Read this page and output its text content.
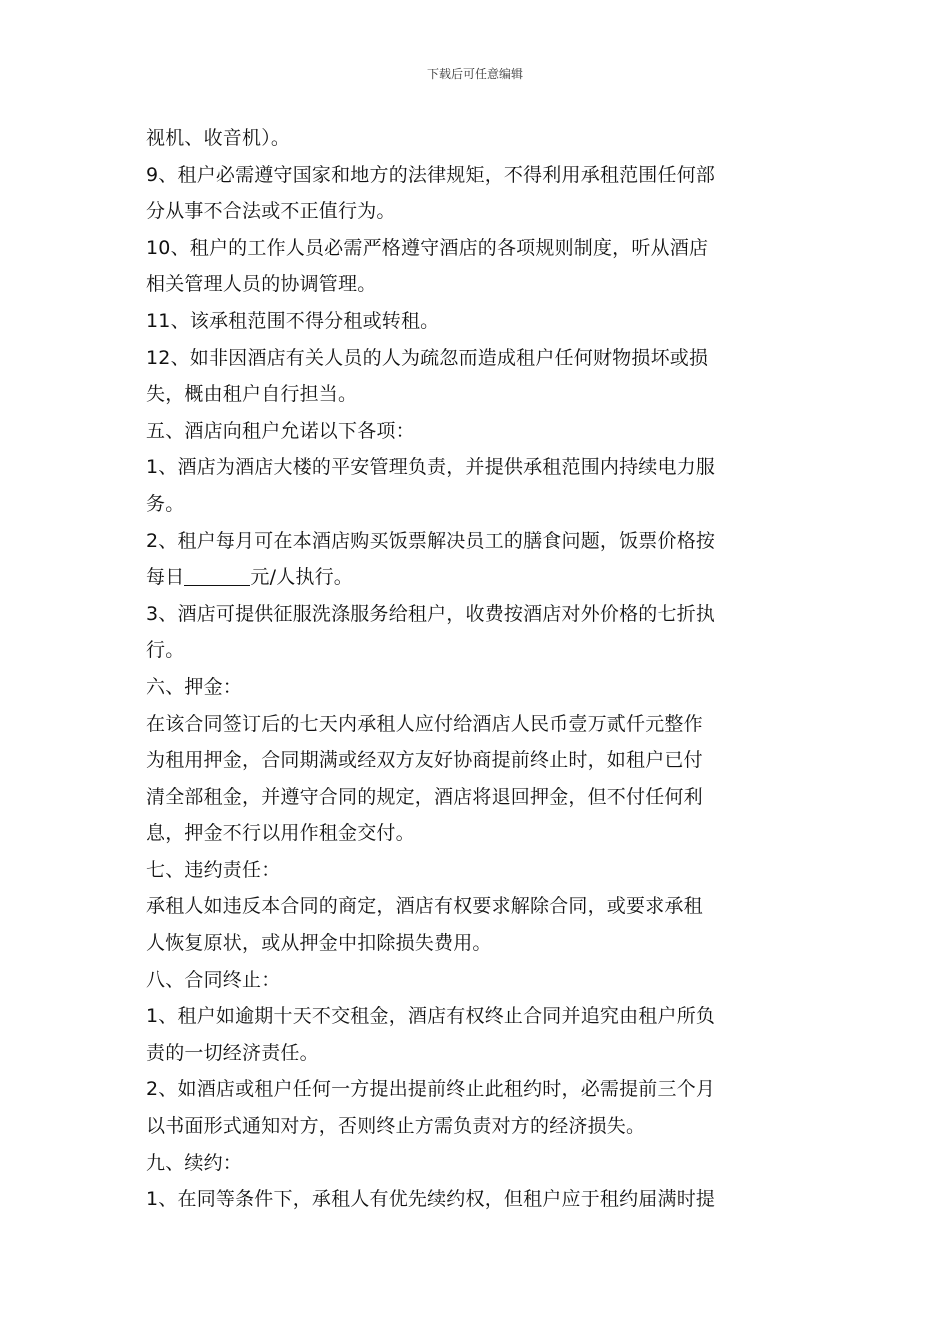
下载后可任意编辑
视机、收音机）。
9、租户必需遵守国家和地方的法律规矩，不得利用承租范围任何部
分从事不合法或不正值行为。
10、租户的工作人员必需严格遵守酒店的各项规则制度，听从酒店
相关管理人员的协调管理。
11、该承租范围不得分租或转租。
12、如非因酒店有关人员的人为疏忽而造成租户任何财物损坏或损
失，概由租户自行担当。
五、酒店向租户允诺以下各项：
1、酒店为酒店大楼的平安管理负责，并提供承租范围内持续电力服
务。
2、租户每月可在本酒店购买饭票解决员工的膳食问题，饭票价格按
每日	元/人执行。
3、酒店可提供征服洗涤服务给租户，收费按酒店对外价格的七折执
行。
六、押金：
在该合同签订后的七天内承租人应付给酒店人民币壹万贰仟元整作
为租用押金，合同期满或经双方友好协商提前终止时，如租户已付
清全部租金，并遵守合同的规定，酒店将退回押金，但不付任何利
息，押金不行以用作租金交付。
七、违约责任：
承租人如违反本合同的商定，酒店有权要求解除合同，或要求承租
人恢复原状，或从押金中扣除损失费用。
八、合同终止：
1、租户如逾期十天不交租金，酒店有权终止合同并追究由租户所负
责的一切经济责任。
2、如酒店或租户任何一方提出提前终止此租约时，必需提前三个月
以书面形式通知对方，否则终止方需负责对方的经济损失。
九、续约：
1、在同等条件下，承租人有优先续约权，但租户应于租约届满时提
